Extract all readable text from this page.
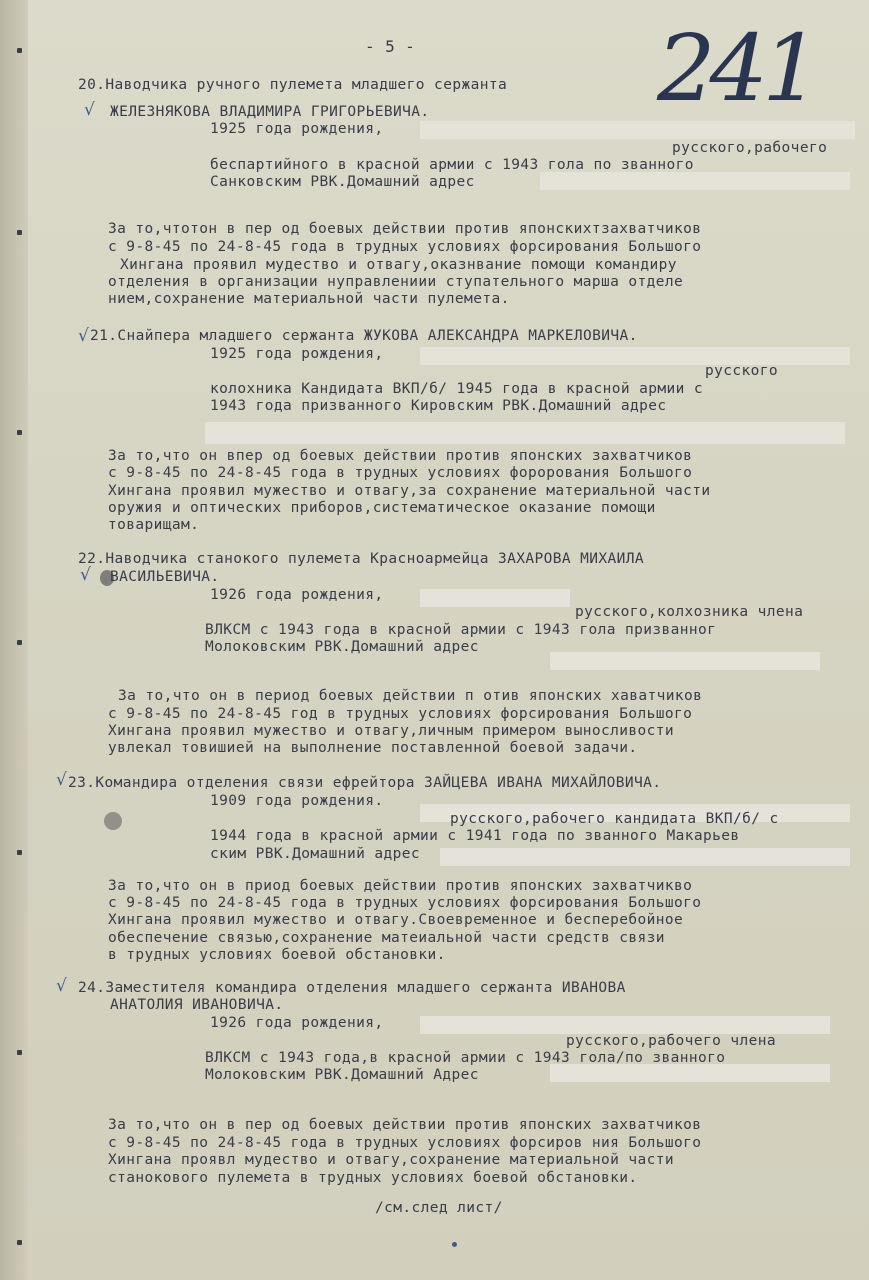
241
√
√
√
√
√
- 5 -
20.Наводчика ручного пулемета младшего сержанта
ЖЕЛЕЗНЯКОВА ВЛАДИМИРА ГРИГОРЬЕВИЧА.
1925 года рождения,
русского,рабочего
беспартийного в красной армии с 1943 гола по званного
Санковским РВК.Домашний адрес
За то,чтотон в пер од боевых действии против японскихтзахватчиков
с 9-8-45 по 24-8-45 года в трудных условиях форсирования Большого
Хингана проявил мудество и отвагу,оказнвание помощи командиру
отделения в организации нуправлениии ступательного марша отделе
нием,сохранение материальной части пулемета.
21.Снайпера младшего сержанта ЖУКОВА АЛЕКСАНДРА МАРКЕЛОВИЧА.
1925 года рождения,
русского
колохника Кандидата ВКП/б/ 1945 года в красной армии с
1943 года призванного Кировским РВК.Домашний адрес
За то,что он впер од боевых действии против японских захватчиков
с 9-8-45 по 24-8-45 года в трудных условиях форорования Большого
Хингана проявил мужество и отвагу,за сохранение материальной части
оружия и оптических приборов,систематическое оказание помощи
товарищам.
22.Наводчика станокого пулемета Красноармейца ЗАХАРОВА МИХАИЛА
ВАСИЛЬЕВИЧА.
1926 года рождения,
русского,колхозника члена
ВЛКСМ с 1943 года в красной армии с 1943 гола призванног
Молоковским РВК.Домашний адрес
За то,что он в период боевых действии п отив японских хаватчиков
с 9-8-45 по 24-8-45 год в трудных условиях форсирования Большого
Хингана проявил мужество и отвагу,личным примером выносливости
увлекал товишией на выполнение поставленной боевой задачи.
23.Командира отделения связи ефрейтора ЗАЙЦЕВА ИВАНА МИХАЙЛОВИЧА.
1909 года рождения.
русского,рабочего кандидата ВКП/б/ с
1944 года в красной армии с 1941 года по званного Макарьев
ским РВК.Домашний адрес
За то,что он в приод боевых действии против японских захватчикво
с 9-8-45 по 24-8-45 года в трудных условиях форсирования Большого
Хингана проявил мужество и отвагу.Своевременное и бесперебойное
обеспечение связью,сохранение матеиальной части средств связи
в трудных условиях боевой обстановки.
24.Заместителя командира отделения младшего сержанта ИВАНОВА
АНАТОЛИЯ ИВАНОВИЧА.
1926 года рождения,
русского,рабочего члена
ВЛКСМ с 1943 года,в красной армии с 1943 гола/по званного
Молоковским РВК.Домашний Адрес
За то,что он в пер од боевых действии против японских захватчиков
с 9-8-45 по 24-8-45 года в трудных условиях форсиров ния Большого
Хингана проявл мудество и отвагу,сохранение материальной части
станокового пулемета в трудных условиях боевой обстановки.
/см.след лист/
